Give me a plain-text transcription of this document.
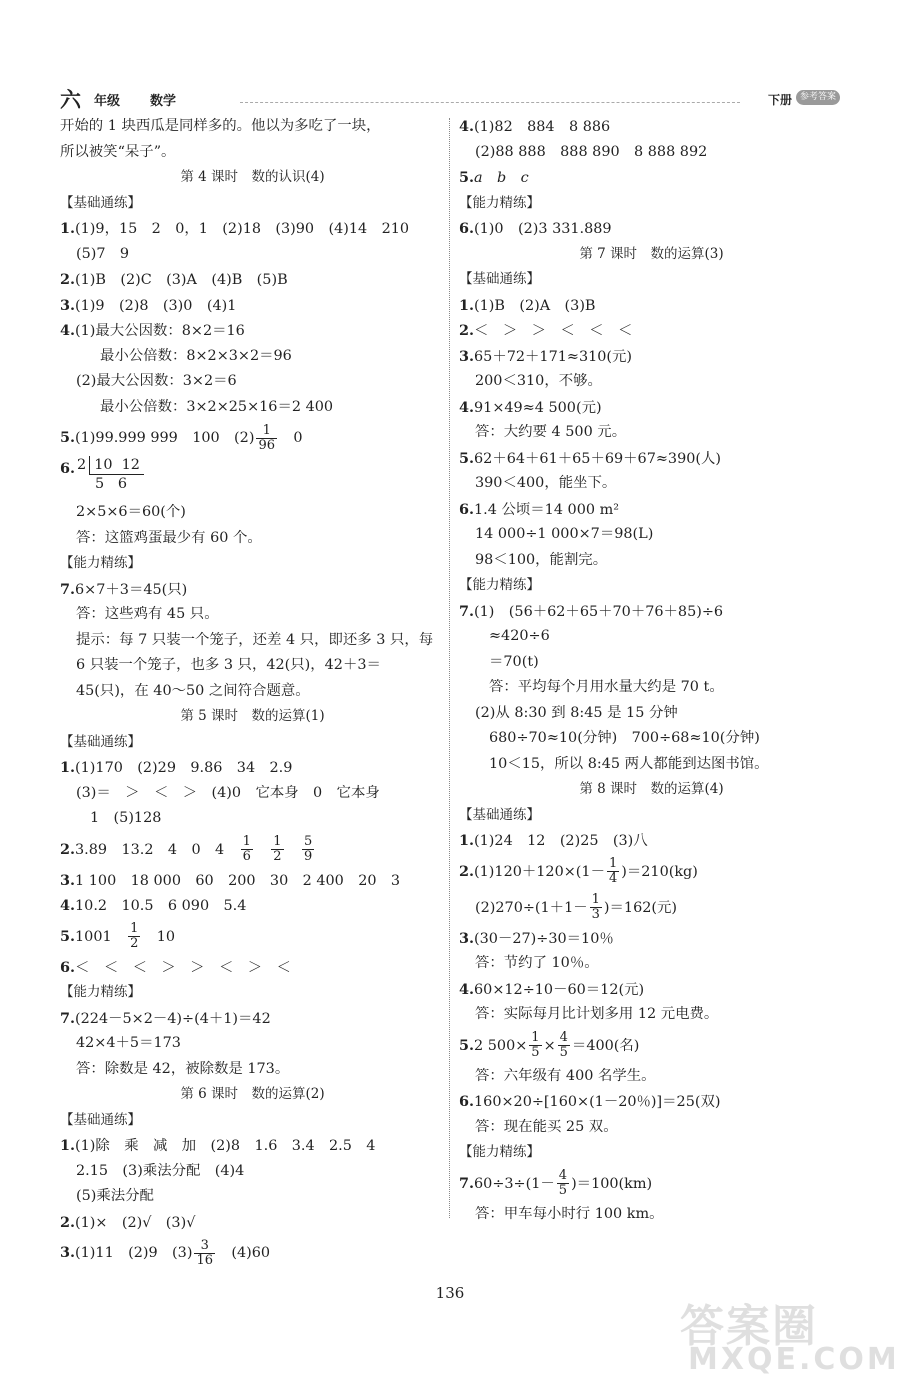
六 年级 数学	下册 参考答案
开始的 1 块西瓜是同样多的。他以为多吃了一块，
所以被笑“呆子”。
第 4 课时　数的认识(4)
【基础通练】
1.(1)9，15　2　0，1　(2)18　(3)90　(4)14　210
(5)7　9
2.(1)B　(2)C　(3)A　(4)B　(5)B
3.(1)9　(2)8　(3)0　(4)1
4.(1)最大公因数：8×2＝16
最小公倍数：8×2×3×2＝96
(2)最大公因数：3×2＝6
最小公倍数：3×2×25×16＝2 400
5.(1)99.999 999　100　$(2) \frac{1}{96}$
　 0
6. 2 10  12
5   6
2×5×6＝60(个)
答：这篮鸡蛋最少有 60 个。
【能力精练】
7.6×7＋3＝45(只)
答：这些鸡有 45 只。
提示：每 7 只装一个笼子，还差 4 只，即还多 3 只，每
6 只装一个笼子，也多 3 只，42(只)，42＋3＝
45(只)，在 40～50 之间符合题意。
第 5 课时　数的运算(1)
【基础通练】
1.(1)170　(2)29　9.86　34　2.9
(3)＝　＞　＜　＞　(4)0　它本身　0　它本身
1　(5)128
2.3.89　13.2　4　0　4　 $\frac{1}{6}$
　 $\frac{1}{2}$
　 $\frac{5}{9}$
3.1 100　18 000　60　200　30　2 400　20　3
4.10.2　10.5　6 090　5.4
5.1001　 $\frac{1}{2}$
　 10
6.＜　＜　＜　＞　＞　＜　＞　＜
【能力精练】
7.(224－5×2－4)÷(4＋1)＝42
42×4＋5＝173
答：除数是 42，被除数是 173。
第 6 课时　数的运算(2)
【基础通练】
1.(1)除　乘　减　加　(2)8　1.6　3.4　2.5　4
2.15　(3)乘法分配　(4)4
(5)乘法分配
2.(1)×　(2)√　(3)√
3.(1)11　(2)9　$(3) \frac{3}{16}$
　 (4)60
4.(1)82　884　8 886
(2)88 888　888 890　8 888 892
5.a　b　c
【能力精练】
6.(1)0　(2)3 331.889
第 7 课时　数的运算(3)
【基础通练】
1.(1)B　(2)A　(3)B
2.＜　＞　＞　＜　＜　＜
3.65＋72＋171≈310(元)
200＜310，不够。
4.91×49≈4 500(元)
答：大约要 4 500 元。
5.62＋64＋61＋65＋69＋67≈390(人)
390＜400，能坐下。
6.1.4 公顷＝14 000 m²
14 000÷1 000×7＝98(L)
98＜100，能割完。
【能力精练】
7.(1)　(56＋62＋65＋70＋76＋85)÷6
≈420÷6
＝70(t)
答：平均每个月用水量大约是 70 t。
(2)从 8:30 到 8:45 是 15 分钟
680÷70≈10(分钟)　700÷68≈10(分钟)
10＜15，所以 8:45 两人都能到达图书馆。
第 8 课时　数的运算(4)
【基础通练】
1.(1)24　12　(2)25　(3)八
$2.(1)120+120\times(1- \frac{1}{4} )=210(kg)$
$(2)270\div(1+1- \frac{1}{3} )=162$(元)
3.(30－27)÷30＝10％
答：节约了 10％。
4.60×12÷10－60＝12(元)
答：实际每月比计划多用 12 元电费。
5.2 $500\times \frac{1}{5} \times \frac{4}{5} =400$(名)
答：六年级有 400 名学生。
6.160×20÷[160×(1－20％)]＝25(双)
答：现在能买 25 双。
【能力精练】
$7.60\div 3\div(1- \frac{4}{5} )=100(km)$
答：甲车每小时行 100 km。
136
答案圈
MXQE.COM
